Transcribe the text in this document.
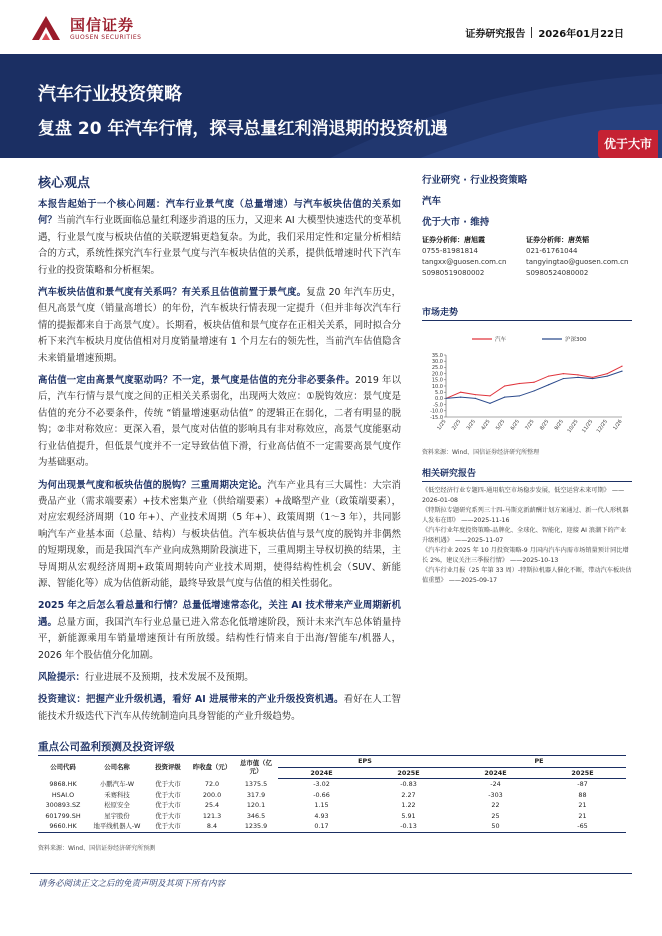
国信证券
GUOSEN SECURITIES	证券研究报告 2026年01月22日
汽车行业投资策略
复盘 20 年汽车行情，探寻总量红利消退期的投资机遇
优于大市
核心观点

本报告起始于一个核心问题：汽车行业景气度（总量增速）与汽车板块估值的关系如何？当前汽车行业既面临总量红利逐步消退的压力，又迎来 AI 大模型快速迭代的变革机遇，行业景气度与板块估值的关联逻辑更趋复杂。为此，我们采用定性和定量分析相结合的方式，系统性探究汽车行业景气度与汽车板块估值的关系，提供低增速时代下汽车行业的投资策略和分析框架。

汽车板块估值和景气度有关系吗？有关系且估值前置于景气度。复盘 20 年汽车历史，但凡高景气度（销量高增长）的年份，汽车板块行情表现一定提升（但并非每次汽车行情的提振都来自于高景气度）。长期看，板块估值和景气度存在正相关关系，同时拟合分析下来汽车板块月度估值相对月度销量增速有 1 个月左右的领先性，当前汽车估值隐含未来销量增速预期。

高估值一定由高景气度驱动吗？不一定，景气度是估值的充分非必要条件。2019 年以后，汽车行情与景气度之间的正相关关系弱化，出现两大效应：①脱钩效应：景气度是估值的充分不必要条件，传统 “销量增速驱动估值” 的逻辑正在弱化，二者有明显的脱钩；②非对称效应：更深入看，景气度对估值的影响具有非对称效应，高景气度能驱动行业估值提升，但低景气度并不一定导致估值下滑，行业高估值不一定需要高景气度作为基础驱动。

为何出现景气度和板块估值的脱钩？三重周期决定论。汽车产业具有三大属性：大宗消费品产业（需求端要素）+技术密集产业（供给端要素）+战略型产业（政策端要素），对应宏观经济周期（10 年+）、产业技术周期（5 年+）、政策周期（1～3 年），共同影响汽车产业基本面（总量、结构）与板块估值。汽车板块估值与景气度的脱钩并非偶然的短期现象，而是我国汽车产业向成熟期阶段演进下，三重周期主导权切换的结果，主导周期从宏观经济周期+政策周期转向产业技术周期，使得结构性机会（SUV、新能源、智能化等）成为估值新动能，最终导致景气度与估值的相关性弱化。

2025 年之后怎么看总量和行情？总量低增速常态化，关注 AI 技术带来产业周期新机遇。总量方面，我国汽车行业总量已进入常态化低增速阶段，预计未来汽车总体销量持平，新能源乘用车销量增速预计有所放缓。结构性行情来自于出海/智能车/机器人，2026 年个股估值分化加剧。

风险提示：行业进展不及预期，技术发展不及预期。

投资建议：把握产业升级机遇，看好 AI 进展带来的产业升级投资机遇。看好在人工智能技术升级迭代下汽车从传统制造向具身智能的产业升级趋势。

行业研究 · 行业投资策略
汽车
优于大市 · 维持
证券分析师：唐旭霞
0755-81981814
tangxx@guosen.com.cn
S0980519080002
证券分析师：唐英韬
021-61761044
tangyingtao@guosen.com.cn
S0980524080002
市场走势
35.0
30.0
25.0
20.0
15.0
10.0
5.0
0.0
-5.0
-10.0
-15.0
1/25 2/25 3/25 4/25 5/25 6/25 7/25 8/25 9/25 10/25 11/25 12/25 1/26
汽车	沪深300
资料来源：Wind、国信证券经济研究所整理
相关研究报告
《低空经济行业专题四-通用航空市场稳步发展，低空运营未来可期》 ——2026-01-08
《特斯拉专题研究系列三十四-马斯克新薪酬计划方案通过、新一代人形机器人发布在即》 ——2025-11-16
《汽车行业年度投资策略-品牌化、全球化、智能化，迎接 AI 浪潮下的产业升级机遇》 ——2025-11-07
《汽车行业 2025 年 10 月投资策略-9 月国内汽车内需市场销量预计同比增长 2%，建议关注三季报行情》 ——2025-10-13
《汽车行业月报（25 年第 33 周）-特斯拉机器人催化不断，带动汽车板块估值重塑》 ——2025-09-17
重点公司盈利预测及投资评级
公司代码	公司名称	投资评级	昨收盘（元）	总市值（亿元）	EPS		PE	
					2024E	2025E	2024E	2025E
9868.HK	小鹏汽车-W	优于大市	72.0	1375.5	-3.02	-0.83	-24	-87
HSAI.O	禾赛科技	优于大市	200.0	317.9	-0.66	2.27	-303	88
300893.SZ	松原安全	优于大市	25.4	120.1	1.15	1.22	22	21
601799.SH	星宇股份	优于大市	121.3	346.5	4.93	5.91	25	21
9660.HK	地平线机器人-W	优于大市	8.4	1235.9	0.17	-0.13	50	-65
资料来源：Wind、国信证券经济研究所预测
请务必阅读正文之后的免责声明及其项下所有内容
